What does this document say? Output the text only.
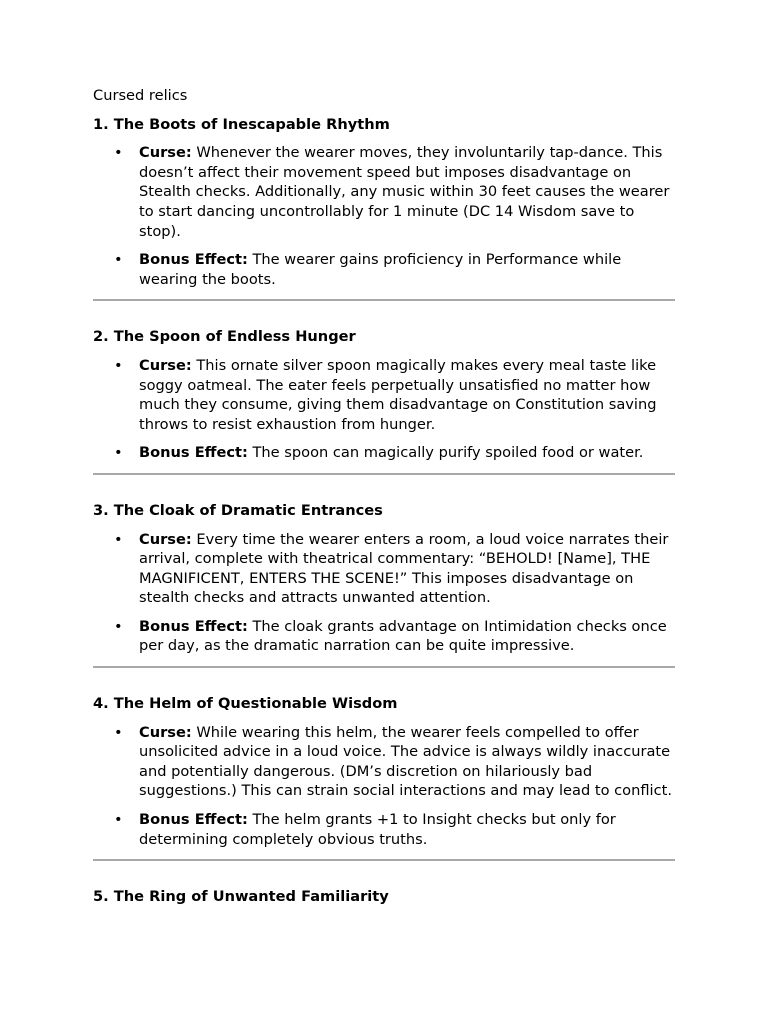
Cursed relics
1. The Boots of Inescapable Rhythm
• Curse: Whenever the wearer moves, they involuntarily tap-dance. This doesn’t affect their movement speed but imposes disadvantage on Stealth checks. Additionally, any music within 30 feet causes the wearer to start dancing uncontrollably for 1 minute (DC 14 Wisdom save to stop).
• Bonus Effect: The wearer gains proficiency in Performance while wearing the boots.
2. The Spoon of Endless Hunger
• Curse: This ornate silver spoon magically makes every meal taste like soggy oatmeal. The eater feels perpetually unsatisfied no matter how much they consume, giving them disadvantage on Constitution saving throws to resist exhaustion from hunger.
• Bonus Effect: The spoon can magically purify spoiled food or water.
3. The Cloak of Dramatic Entrances
• Curse: Every time the wearer enters a room, a loud voice narrates their arrival, complete with theatrical commentary: “BEHOLD! [Name], THE MAGNIFICENT, ENTERS THE SCENE!” This imposes disadvantage on stealth checks and attracts unwanted attention.
• Bonus Effect: The cloak grants advantage on Intimidation checks once per day, as the dramatic narration can be quite impressive.
4. The Helm of Questionable Wisdom
• Curse: While wearing this helm, the wearer feels compelled to offer unsolicited advice in a loud voice. The advice is always wildly inaccurate and potentially dangerous. (DM’s discretion on hilariously bad suggestions.) This can strain social interactions and may lead to conflict.
• Bonus Effect: The helm grants +1 to Insight checks but only for determining completely obvious truths.
5. The Ring of Unwanted Familiarity
